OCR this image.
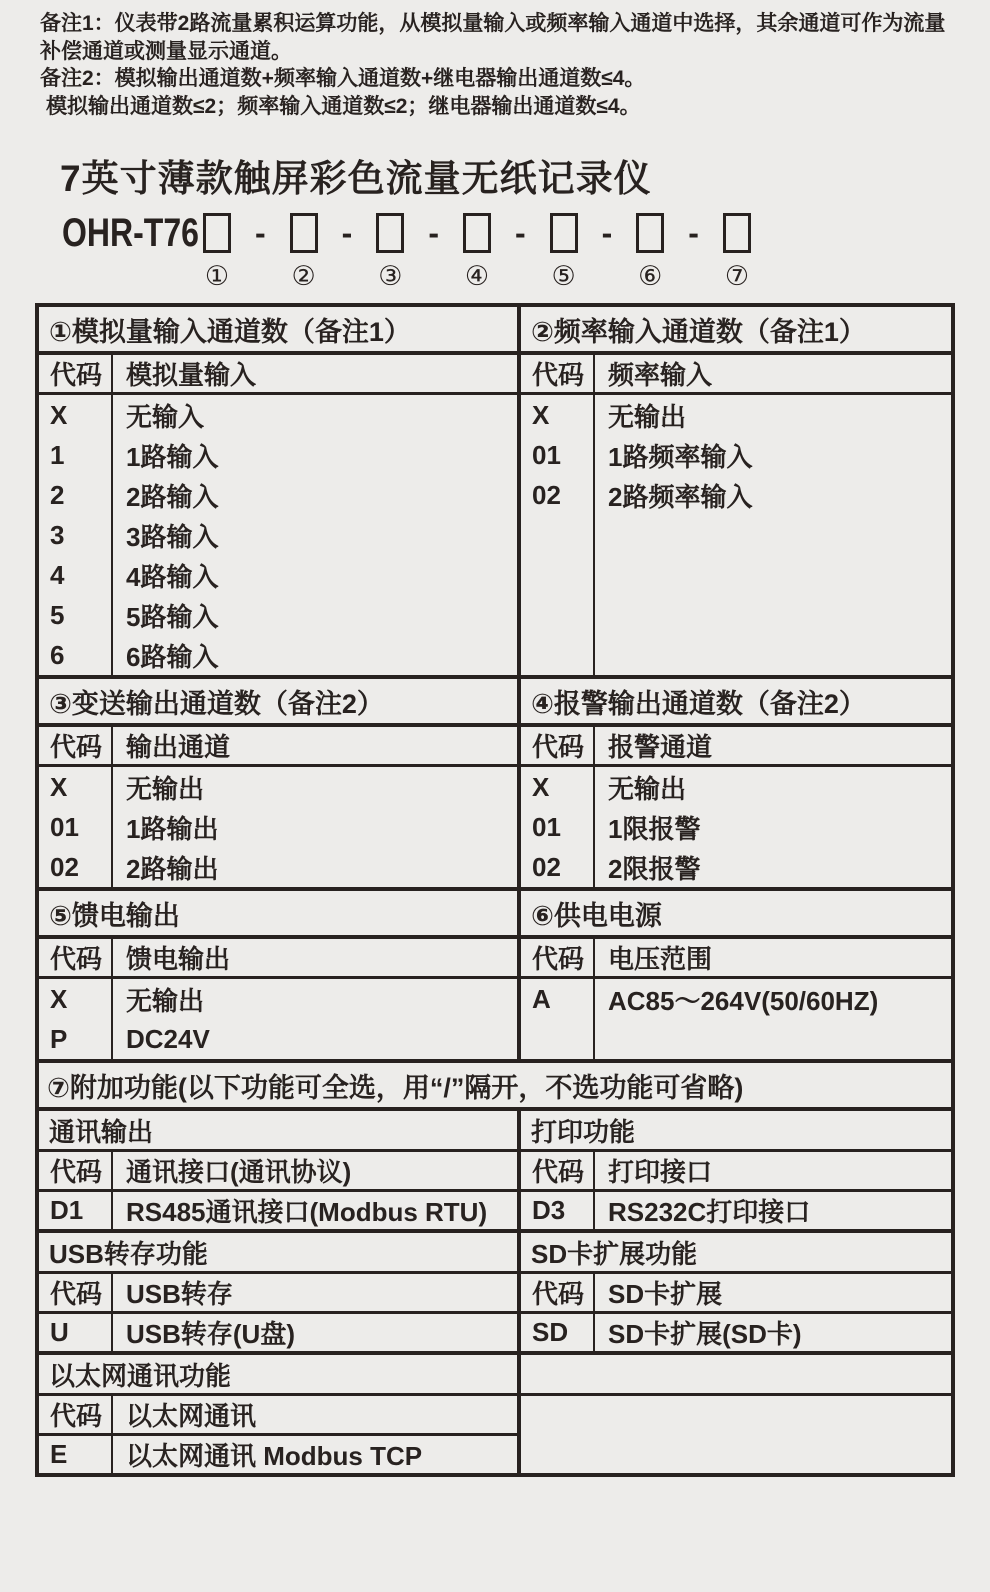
备注1：仪表带2路流量累积运算功能，从模拟量输入或频率输入通道中选择，其余通道可作为流量
补偿通道或测量显示通道。
备注2：模拟输出通道数+频率输入通道数+继电器输出通道数≤4。
模拟输出通道数≤2；频率输入通道数≤2；继电器输出通道数≤4。
7英寸薄款触屏彩色流量无纸记录仪
OHR-T76
①
-
②
-
③
-
④
-
⑤
-
⑥
-
⑦
①模拟量输入通道数（备注1）
代码 模拟量输入
X	无输入
1	1路输入
2	2路输入
3	3路输入
4	4路输入
5	5路输入
6	6路输入
②频率输入通道数（备注1）
代码 频率输入
X	无输出
01	1路频率输入
02	2路频率输入
③变送输出通道数（备注2）
代码 输出通道
X	无输出
01	1路输出
02	2路输出
④报警输出通道数（备注2）
代码 报警通道
X	无输出
01	1限报警
02	2限报警
⑤馈电输出
代码 馈电输出
X	无输出
P	DC24V
⑥供电电源
代码 电压范围
A	AC85～264V(50/60HZ)
⑦附加功能(以下功能可全选，用“/”隔开，不选功能可省略)
通讯输出
代码 通讯接口(通讯协议)
D1	RS485通讯接口(Modbus RTU)
打印功能
代码 打印接口
D3	RS232C打印接口
USB转存功能
代码 USB转存
U	USB转存(U盘)
SD卡扩展功能
代码 SD卡扩展
SD	SD卡扩展(SD卡)
以太网通讯功能
代码 以太网通讯
E	以太网通讯 Modbus TCP
